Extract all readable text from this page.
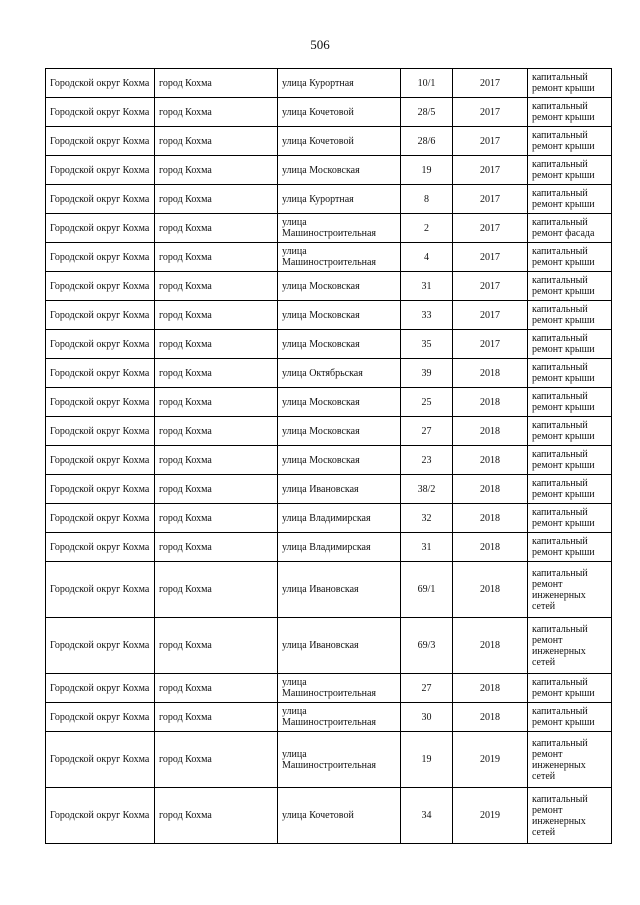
506
Городской округ Кохма	город Кохма	улица Курортная	10/1	2017	капитальный ремонт крыши
Городской округ Кохма	город Кохма	улица Кочетовой	28/5	2017	капитальный ремонт крыши
Городской округ Кохма	город Кохма	улица Кочетовой	28/6	2017	капитальный ремонт крыши
Городской округ Кохма	город Кохма	улица Московская	19	2017	капитальный ремонт крыши
Городской округ Кохма	город Кохма	улица Курортная	8	2017	капитальный ремонт крыши
Городской округ Кохма	город Кохма	улица Машиностроительная	2	2017	капитальный ремонт фасада
Городской округ Кохма	город Кохма	улица Машиностроительная	4	2017	капитальный ремонт крыши
Городской округ Кохма	город Кохма	улица Московская	31	2017	капитальный ремонт крыши
Городской округ Кохма	город Кохма	улица Московская	33	2017	капитальный ремонт крыши
Городской округ Кохма	город Кохма	улица Московская	35	2017	капитальный ремонт крыши
Городской округ Кохма	город Кохма	улица Октябрьская	39	2018	капитальный ремонт крыши
Городской округ Кохма	город Кохма	улица Московская	25	2018	капитальный ремонт крыши
Городской округ Кохма	город Кохма	улица Московская	27	2018	капитальный ремонт крыши
Городской округ Кохма	город Кохма	улица Московская	23	2018	капитальный ремонт крыши
Городской округ Кохма	город Кохма	улица Ивановская	38/2	2018	капитальный ремонт крыши
Городской округ Кохма	город Кохма	улица Владимирская	32	2018	капитальный ремонт крыши
Городской округ Кохма	город Кохма	улица Владимирская	31	2018	капитальный ремонт крыши
Городской округ Кохма	город Кохма	улица Ивановская	69/1	2018	капитальный ремонт инженерных сетей
Городской округ Кохма	город Кохма	улица Ивановская	69/3	2018	капитальный ремонт инженерных сетей
Городской округ Кохма	город Кохма	улица Машиностроительная	27	2018	капитальный ремонт крыши
Городской округ Кохма	город Кохма	улица Машиностроительная	30	2018	капитальный ремонт крыши
Городской округ Кохма	город Кохма	улица Машиностроительная	19	2019	капитальный ремонт инженерных сетей
Городской округ Кохма	город Кохма	улица Кочетовой	34	2019	капитальный ремонт инженерных сетей
